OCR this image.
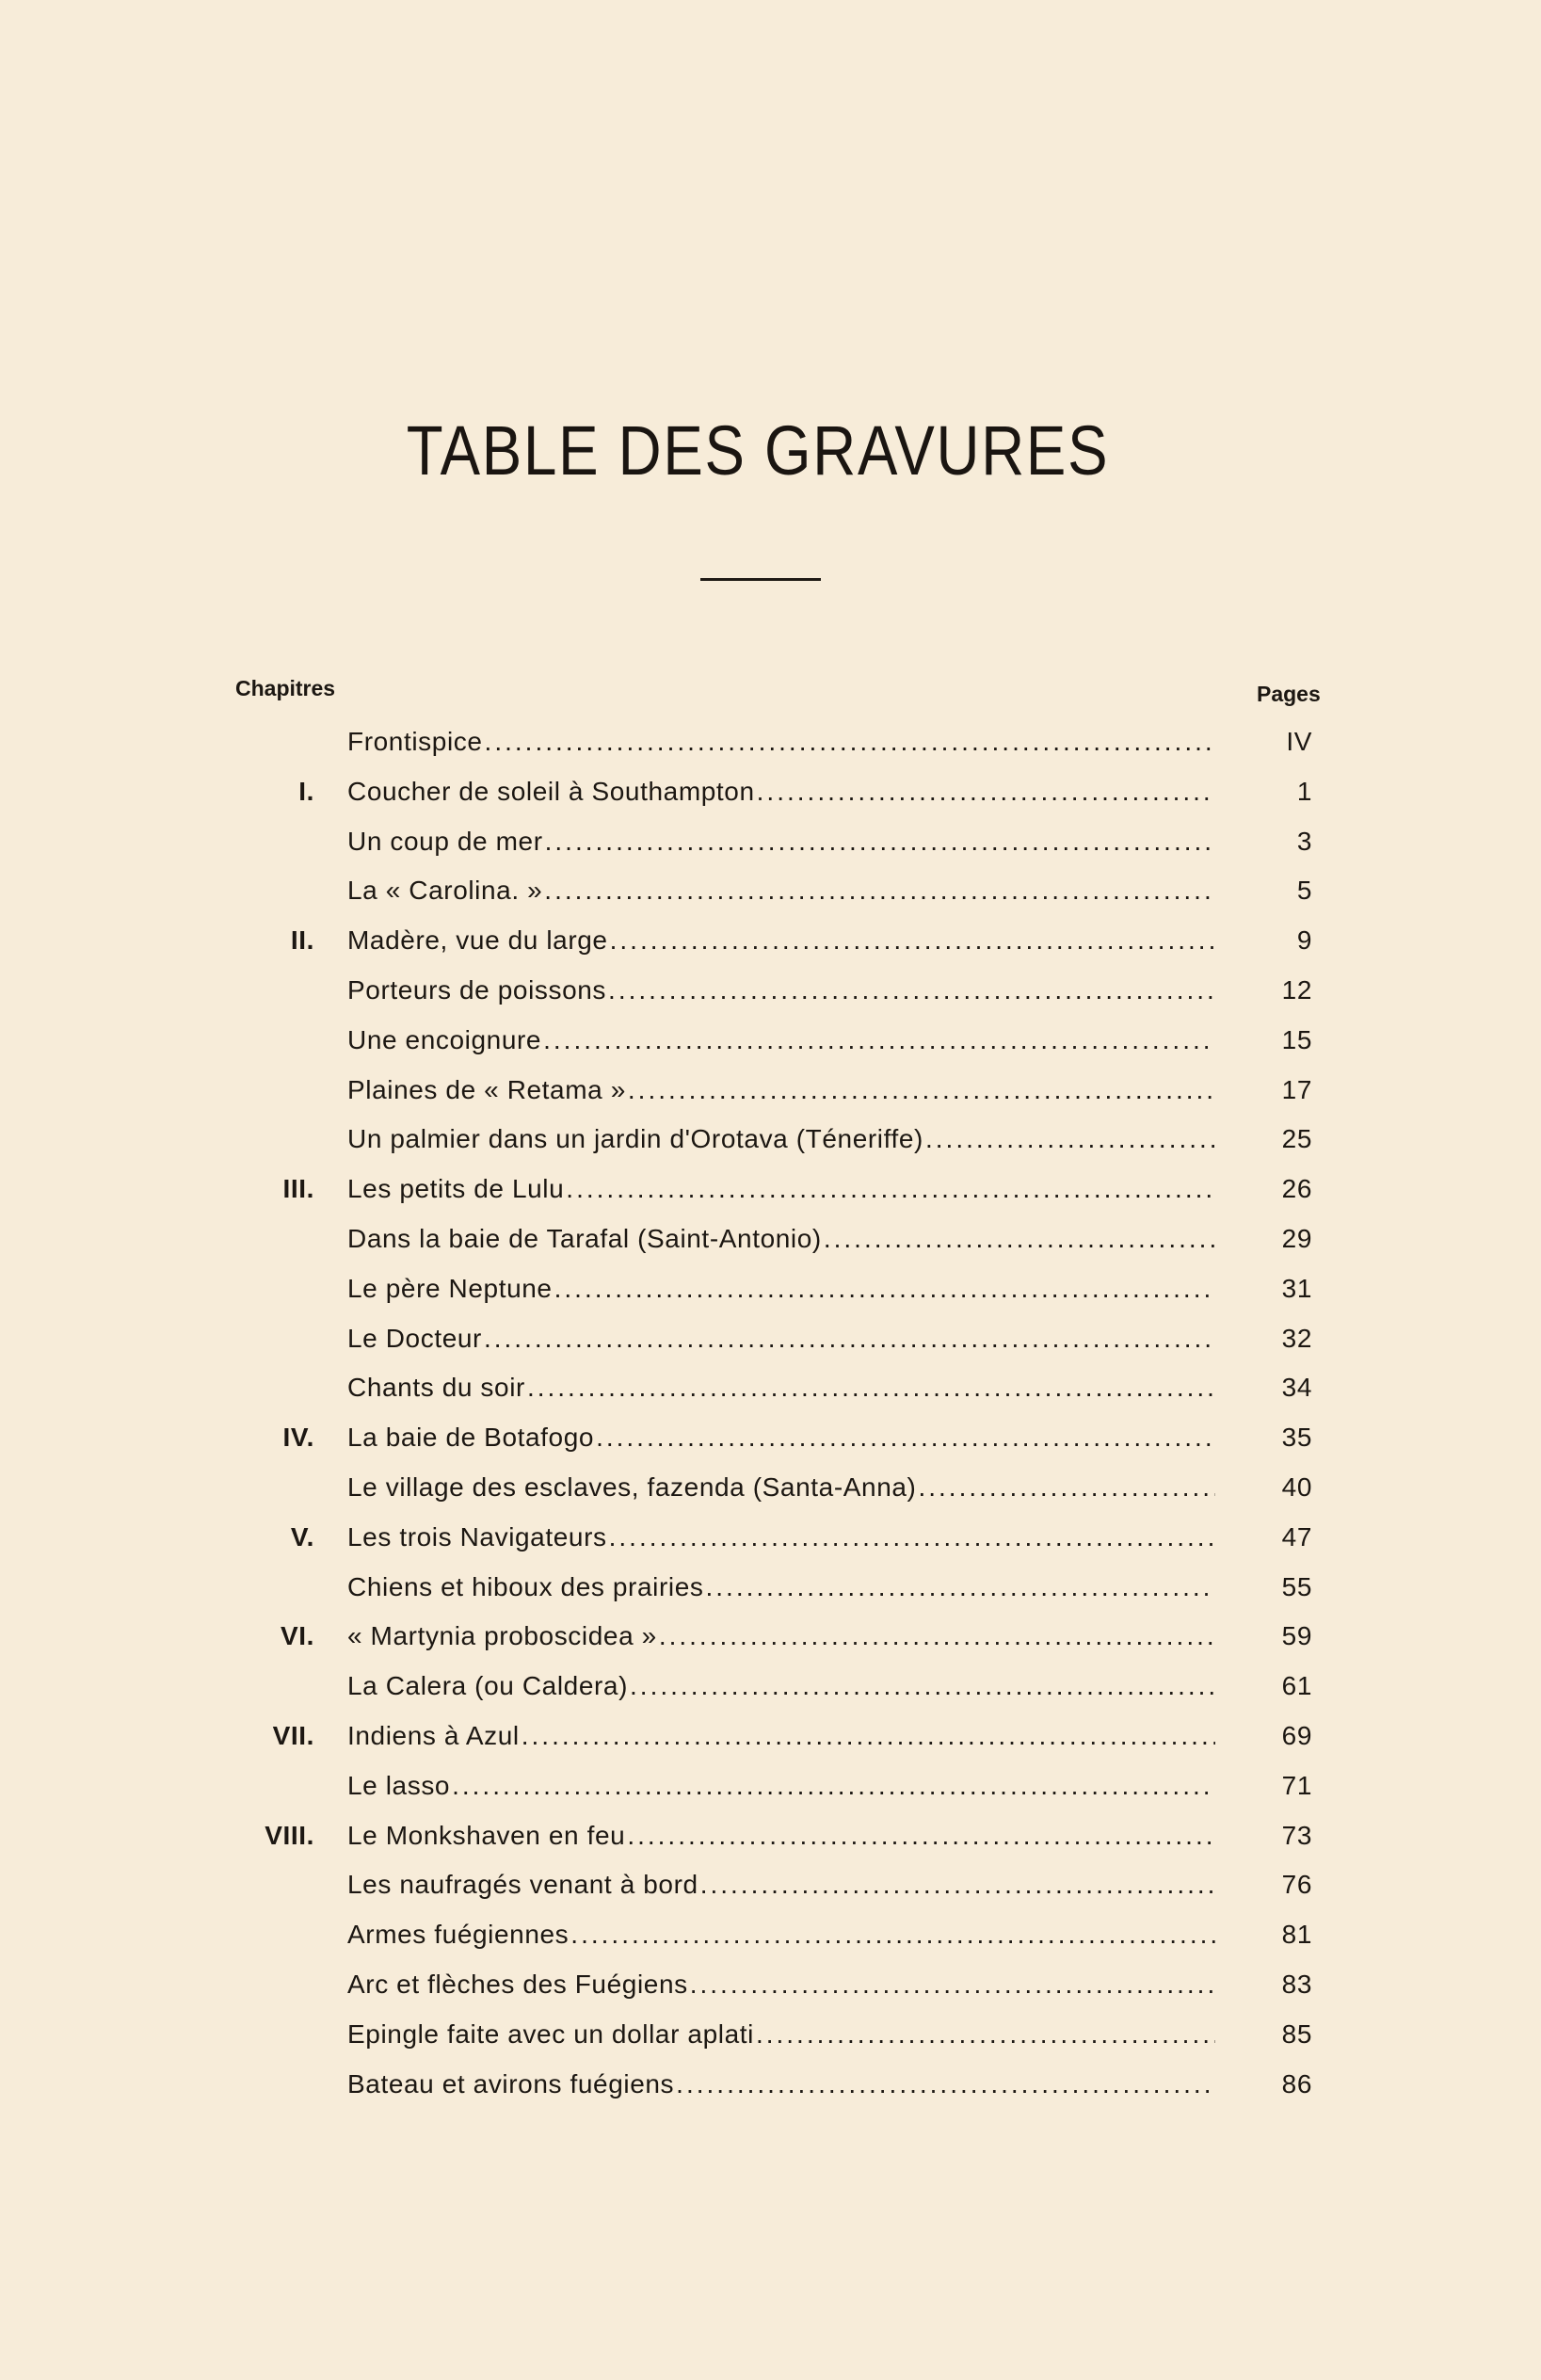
TABLE DES GRAVURES
Chapitres	Pages
Frontispice .....	IV
I. Coucher de soleil à Southampton .....	1
Un coup de mer .....	3
La « Carolina. » .....	5
II. Madère, vue du large .....	9
Porteurs de poissons .....	12
Une encoignure .....	15
Plaines de « Retama » .....	17
Un palmier dans un jardin d'Orotava (Téneriffe) .....	25
III. Les petits de Lulu .....	26
Dans la baie de Tarafal (Saint-Antonio) .....	29
Le père Neptune .....	31
Le Docteur .....	32
Chants du soir .....	34
IV. La baie de Botafogo .....	35
Le village des esclaves, fazenda (Santa-Anna) .....	40
V. Les trois Navigateurs .....	47
Chiens et hiboux des prairies .....	55
VI. « Martynia proboscidea » .....	59
La Calera (ou Caldera) .....	61
VII. Indiens à Azul .....	69
Le lasso .....	71
VIII. Le Monkshaven en feu .....	73
Les naufragés venant à bord .....	76
Armes fuégiennes .....	81
Arc et flèches des Fuégiens .....	83
Epingle faite avec un dollar aplati .....	85
Bateau et avirons fuégiens .....	86
